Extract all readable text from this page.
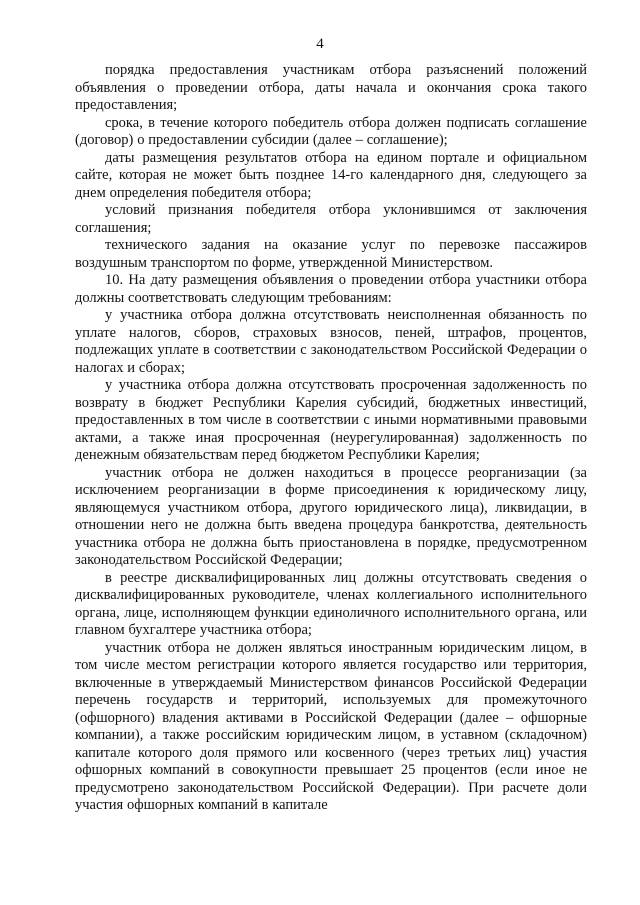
4

порядка предоставления участникам отбора разъяснений положений объявления о проведении отбора, даты начала и окончания срока такого предоставления;

срока, в течение которого победитель отбора должен подписать соглашение (договор) о предоставлении субсидии (далее – соглашение);

даты размещения результатов отбора на едином портале и официальном сайте, которая не может быть позднее 14-го календарного дня, следующего за днем определения победителя отбора;

условий признания победителя отбора уклонившимся от заключения соглашения;

технического задания на оказание услуг по перевозке пассажиров воздушным транспортом по форме, утвержденной Министерством.

10. На дату размещения объявления о проведении отбора участники отбора должны соответствовать следующим требованиям:

у участника отбора должна отсутствовать неисполненная обязанность по уплате налогов, сборов, страховых взносов, пеней, штрафов, процентов, подлежащих уплате в соответствии с законодательством Российской Федерации о налогах и сборах;

у участника отбора должна отсутствовать просроченная задолженность по возврату в бюджет Республики Карелия субсидий, бюджетных инвестиций, предоставленных в том числе в соответствии с иными нормативными правовыми актами, а также иная просроченная (неурегулированная) задолженность по денежным обязательствам перед бюджетом Республики Карелия;

участник отбора не должен находиться в процессе реорганизации (за исключением реорганизации в форме присоединения к юридическому лицу, являющемуся участником отбора, другого юридического лица), ликвидации, в отношении него не должна быть введена процедура банкротства, деятельность участника отбора не должна быть приостановлена в порядке, предусмотренном законодательством Российской Федерации;

в реестре дисквалифицированных лиц должны отсутствовать сведения о дисквалифицированных руководителе, членах коллегиального исполнительного органа, лице, исполняющем функции единоличного исполнительного органа, или главном бухгалтере участника отбора;

участник отбора не должен являться иностранным юридическим лицом, в том числе местом регистрации которого является государство или территория, включенные в утверждаемый Министерством финансов Российской Федерации перечень государств и территорий, используемых для промежуточного (офшорного) владения активами в Российской Федерации (далее – офшорные компании), а также российским юридическим лицом, в уставном (складочном) капитале которого доля прямого или косвенного (через третьих лиц) участия офшорных компаний в совокупности превышает 25 процентов (если иное не предусмотрено законодательством Российской Федерации). При расчете доли участия офшорных компаний в капитале
